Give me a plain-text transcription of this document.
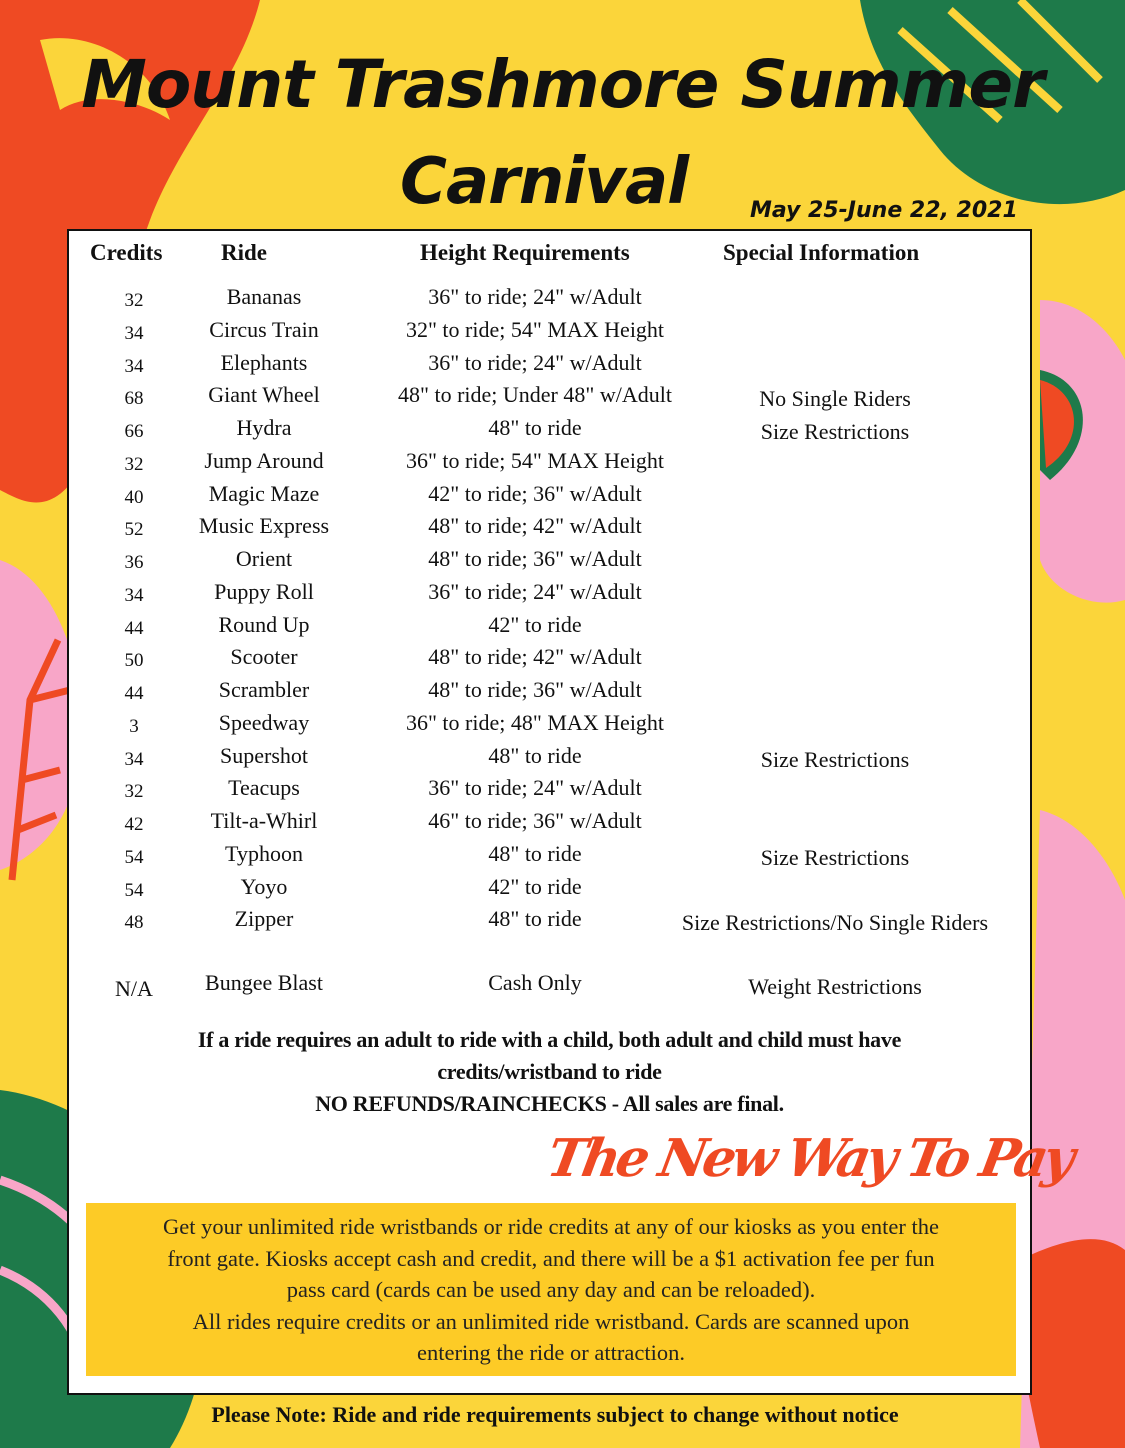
Mount Trashmore Summer
Carnival	May 25-June 22, 2021
Credits	Ride	Height Requirements	Special Information
32	Bananas	36" to ride; 24" w/Adult
34	Circus Train	32" to ride; 54" MAX Height
34	Elephants	36" to ride; 24" w/Adult
68	Giant Wheel	48" to ride; Under 48" w/Adult	No Single Riders
66	Hydra	48" to ride	Size Restrictions
32	Jump Around	36" to ride; 54" MAX Height
40	Magic Maze	42" to ride; 36" w/Adult
52	Music Express	48" to ride; 42" w/Adult
36	Orient	48" to ride; 36" w/Adult
34	Puppy Roll	36" to ride; 24" w/Adult
44	Round Up	42" to ride
50	Scooter	48" to ride; 42" w/Adult
44	Scrambler	48" to ride; 36" w/Adult
3	Speedway	36" to ride; 48" MAX Height
34	Supershot	48" to ride	Size Restrictions
32	Teacups	36" to ride; 24" w/Adult
42	Tilt-a-Whirl	46" to ride; 36" w/Adult
54	Typhoon	48" to ride	Size Restrictions
54	Yoyo	42" to ride
48	Zipper	48" to ride	Size Restrictions/No Single Riders
N/A	Bungee Blast	Cash Only	Weight Restrictions
If a ride requires an adult to ride with a child, both adult and child must have
credits/wristband to ride
NO REFUNDS/RAINCHECKS - All sales are final.
The New Way To Pay
Get your unlimited ride wristbands or ride credits at any of our kiosks as you enter the
front gate. Kiosks accept cash and credit, and there will be a $1 activation fee per fun
pass card (cards can be used any day and can be reloaded).
All rides require credits or an unlimited ride wristband. Cards are scanned upon
entering the ride or attraction.
Please Note: Ride and ride requirements subject to change without notice
